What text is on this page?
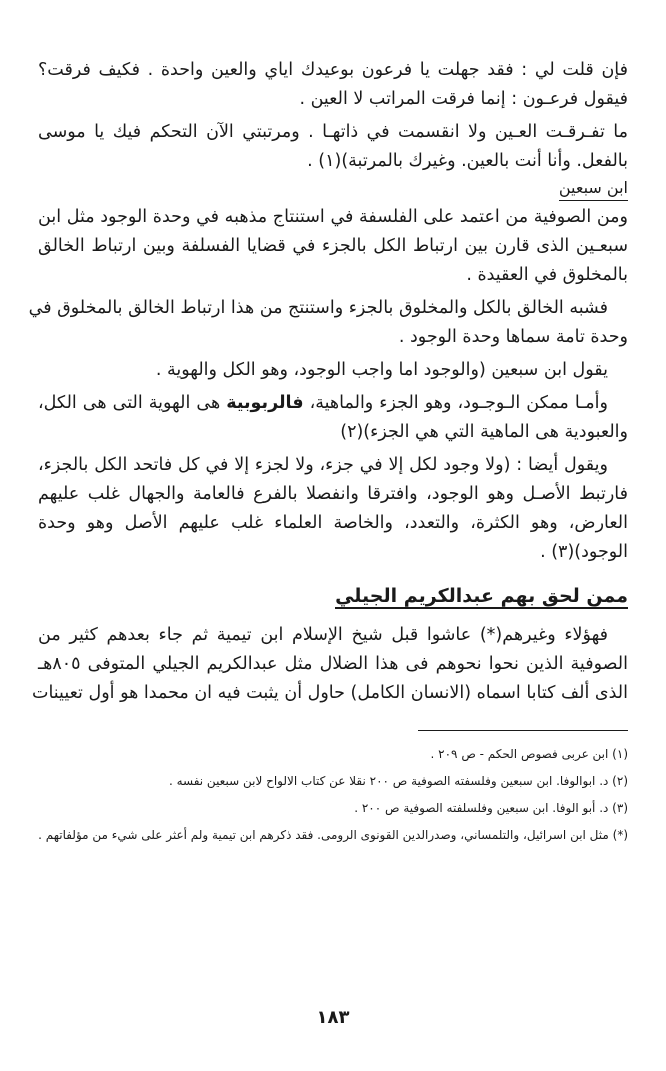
فإن قلت لي : فقد جهلت يا فرعون بوعيدك اياي والعين واحدة . فكيف فرقت؟
فيقول فرعـون : إنما فرقت المراتب لا العين .
ما تفـرقـت العـين ولا انقسمت في ذاتهـا . ومرتبتي الآن التحكم فيك يا موسى
بالفعل. وأنا أنت بالعين. وغيرك بالمرتبة)(١) .
ابن سبعين
ومن الصوفية من اعتمد على الفلسفة في استنتاج مذهبه في وحدة الوجود مثل ابن
سبعـين الذى قارن بين ارتباط الكل بالجزء في قضايا الفسلفة وبين ارتباط الخالق
بالمخلوق في العقيدة .
فشبه الخالق بالكل والمخلوق بالجزء واستنتج من هذا ارتباط الخالق بالمخلوق في
وحدة تامة سماها وحدة الوجود .
يقول ابن سبعين (والوجود اما واجب الوجود، وهو الكل والهوية .
وأمـا ممكن الـوجـود، وهو الجزء والماهية، فالربوبية هى الهوية التى هى الكل،
والعبودية هى الماهية التي هي الجزء)(٢)
ويقول أيضا : (ولا وجود لكل إلا في جزء، ولا لجزء إلا في كل فاتحد الكل بالجزء،
فارتبط الأصـل وهو الوجود، وافترقا وانفصلا بالفرع فالعامة والجهال غلب عليهم
العارض، وهو الكثرة، والتعدد، والخاصة العلماء غلب عليهم الأصل وهو وحدة
الوجود)(٣) .
ممن لحق بهم عبدالكريم الجيلي
فهؤلاء وغيرهم(*) عاشوا قبل شيخ الإسلام ابن تيمية ثم جاء بعدهم كثير من
الصوفية الذين نحوا نحوهم فى هذا الضلال مثل عبدالكريم الجيلي المتوفى ٨٠٥هـ
الذى ألف كتابا اسماه (الانسان الكامل) حاول أن يثبت فيه ان محمدا هو أول تعيينات
(١) ابن عربى فصوص الحكم - ص ٢٠٩ .
(٢) د. ابوالوفا. ابن سبعين وفلسفته الصوفية ص ٢٠٠ نقلا عن كتاب الالواح لابن سبعين نفسه .
(٣) د. أبو الوفا. ابن سبعين وفلسلفته الصوفية ص ٢٠٠ .
(*) مثل ابن اسرائيل، والتلمساني، وصدرالدين القونوى الرومى. فقد ذكرهم ابن تيمية ولم أعثر على شيء من مؤلفاتهم .
١٨٣
